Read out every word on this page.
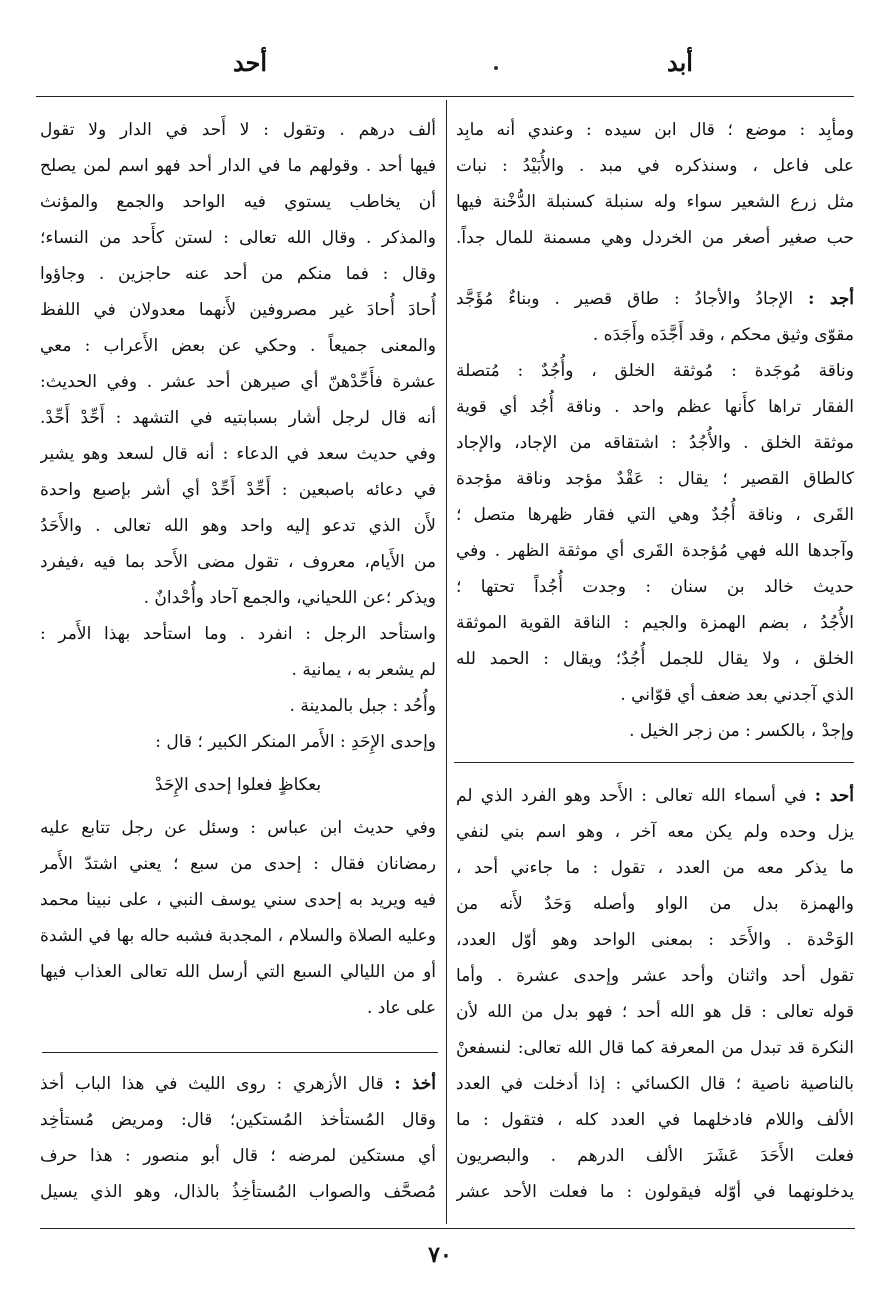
أبد
أحد
ومأبِد : موضع ؛ قال ابن سيده : وعندي أنه مابِد
على فاعل ، وسنذكره في مبد . والأُبَيْدُ : نبات
مثل زرع الشعير سواء وله سنبلة كسنبلة الدُّخْنة فيها
حب صغير أصغر من الخردل وهي مسمنة للمال جداً.
أجد : الإجادُ والأجادُ : طاق قصير . وبناءٌ مُؤَجَّد
مقوّى وثيق محكم ، وقد أَجَّدَه وأَجَدَه .
وناقة مُوجَدة : مُوثقة الخلق ، وأُجُدٌ : مُتصلة
الفقار تراها كأَنها عظم واحد . وناقة أُجُد أي قوية
موثقة الخلق . والأُجُدُ : اشتقاقه من الإجاد، والإجاد
كالطاق القصير ؛ يقال : عَقْدٌ مؤجد وناقة مؤجدة
القَرى ، وناقة أُجُدٌ وهي التي فقار ظهرها متصل ؛
وآجدها الله فهي مُؤجدة القَرى أي موثقة الظهر . وفي
حديث خالد بن سنان : وجدت أُجُداً تحتها ؛
الأُجُدُ ، بضم الهمزة والجيم : الناقة القوية الموثقة
الخلق ، ولا يقال للجمل أُجُدٌ؛ ويقال : الحمد لله
الذي آجدني بعد ضعف أي قوّاني .
وإجدْ ، بالكسر : من زجر الخيل .
أحد : في أسماء الله تعالى : الأَحد وهو الفرد الذي لم
يزل وحده ولم يكن معه آخر ، وهو اسم بني لنفي
ما يذكر معه من العدد ، تقول : ما جاءني أحد ،
والهمزة بدل من الواو وأصله وَحَدٌ لأَنه من
الوَحْدة . والأَحَد : بمعنى الواحد وهو أوّل العدد،
تقول أحد واثنان وأحد عشر وإحدى عشرة . وأما
قوله تعالى : قل هو الله أحد ؛ فهو بدل من الله لأن
النكرة قد تبدل من المعرفة كما قال الله تعالى: لنسفعنْ
بالناصية ناصية ؛ قال الكسائي : إذا أدخلت في العدد
الألف واللام فادخلهما في العدد كله ، فتقول : ما
فعلت الأَحَدَ عَشَرَ الألف الدرهم . والبصريون
يدخلونهما في أوّله فيقولون : ما فعلت الأحد عشر
ألف درهم . وتقول : لا أَحد في الدار ولا تقول
فيها أحد . وقولهم ما في الدار أحد فهو اسم لمن يصلح
أن يخاطب يستوي فيه الواحد والجمع والمؤنث
والمذكر . وقال الله تعالى : لستن كأَحد من النساء؛
وقال : فما منكم من أحد عنه حاجزين . وجاؤوا
أُحادَ أُحادَ غير مصروفين لأَنهما معدولان في اللفظ
والمعنى جميعاً . وحكي عن بعض الأَعراب : معي
عشرة فأَحِّدْهنّ أي صيرهن أحد عشر . وفي الحديث:
أنه قال لرجل أشار بسبابتيه في التشهد : أَحِّدْ أَحِّدْ.
وفي حديث سعد في الدعاء : أنه قال لسعد وهو يشير
في دعائه باصبعين : أَحِّدْ أَحِّدْ أي أشر بإصبع واحدة
لأَن الذي تدعو إليه واحد وهو الله تعالى . والأَحَدُ
من الأَيام، معروف ، تقول مضى الأَحد بما فيه ،فيفرد
ويذكر ؛عن اللحياني، والجمع آحاد وأُحْدانٌ .
واستأحد الرجل : انفرد . وما استأحد بهذا الأَمر :
لم يشعر به ، يمانية .
وأُحُد : جبل بالمدينة .
وإحدى الإِحَدِ : الأَمر المنكر الكبير ؛ قال :
بعكاظٍ فعلوا إحدى الإِحَدْ
وفي حديث ابن عباس : وسئل عن رجل تتابع عليه
رمضانان فقال : إحدى من سبع ؛ يعني اشتدّ الأَمر
فيه ويريد به إحدى سني يوسف النبي ، على نبينا محمد
وعليه الصلاة والسلام ، المجدبة فشبه حاله بها في الشدة
أو من الليالي السبع التي أرسل الله تعالى العذاب فيها
على عاد .
أخذ : قال الأزهري : روى الليث في هذا الباب أخذ
وقال المُستأخذ المُستكين؛ قال: ومريض مُستأخِد
أي مستكين لمرضه ؛ قال أبو منصور : هذا حرف
مُصحَّف والصواب المُستأخِذُ بالذال، وهو الذي يسيل
٧٠
